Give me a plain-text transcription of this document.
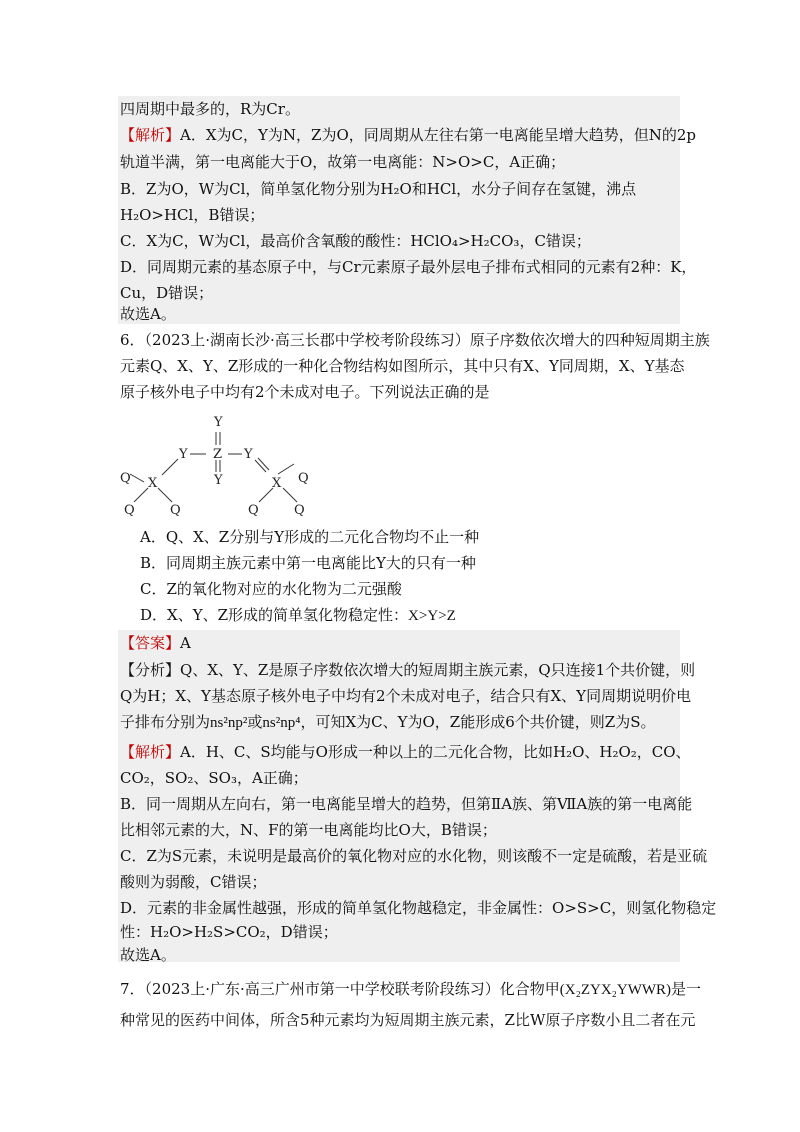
四周期中最多的，R为Cr。
【解析】A．X为C，Y为N，Z为O，同周期从左往右第一电离能呈增大趋势，但N的2p
轨道半满，第一电离能大于O，故第一电离能：N>O>C，A正确；
B．Z为O，W为Cl，简单氢化物分别为H₂O和HCl，水分子间存在氢键，沸点
H₂O>HCl，B错误；
C．X为C，W为Cl，最高价含氧酸的酸性：HClO₄>H₂CO₃，C错误；
D．同周期元素的基态原子中，与Cr元素原子最外层电子排布式相同的元素有2种：K，
Cu，D错误；
故选A。
6．（2023上·湖南长沙·高三长郡中学校考阶段练习）原子序数依次增大的四种短周期主族
元素Q、X、Y、Z形成的一种化合物结构如图所示，其中只有X、Y同周期，X、Y基态
原子核外电子中均有2个未成对电子。下列说法正确的是
Y
Z
Y
Y	Y
X	X
Q
Q	Q
Q
Q	Q
A．Q、X、Z分别与Y形成的二元化合物均不止一种
B．同周期主族元素中第一电离能比Y大的只有一种
C．Z的氧化物对应的水化物为二元强酸
D．X、Y、Z形成的简单氢化物稳定性：X>Y>Z
【答案】A
【分析】Q、X、Y、Z是原子序数依次增大的短周期主族元素，Q只连接1个共价键，则
Q为H；X、Y基态原子核外电子中均有2个未成对电子，结合只有X、Y同周期说明价电
子排布分别为ns²np²或ns²np⁴，可知X为C、Y为O，Z能形成6个共价键，则Z为S。
【解析】A．H、C、S均能与O形成一种以上的二元化合物，比如H₂O、H₂O₂，CO、
CO₂，SO₂、SO₃，A正确；
B．同一周期从左向右，第一电离能呈增大的趋势，但第ⅡA族、第ⅦA族的第一电离能
比相邻元素的大，N、F的第一电离能均比O大，B错误；
C．Z为S元素，未说明是最高价的氧化物对应的水化物，则该酸不一定是硫酸，若是亚硫
酸则为弱酸，C错误；
D．元素的非金属性越强，形成的简单氢化物越稳定，非金属性：O>S>C，则氢化物稳定
性：H₂O>H₂S>CO₂，D错误；
故选A。
7．（2023上·广东·高三广州市第一中学校联考阶段练习）化合物甲(X₂ZYX₂YWWR)是一
种常见的医药中间体，所含5种元素均为短周期主族元素，Z比W原子序数小且二者在元
